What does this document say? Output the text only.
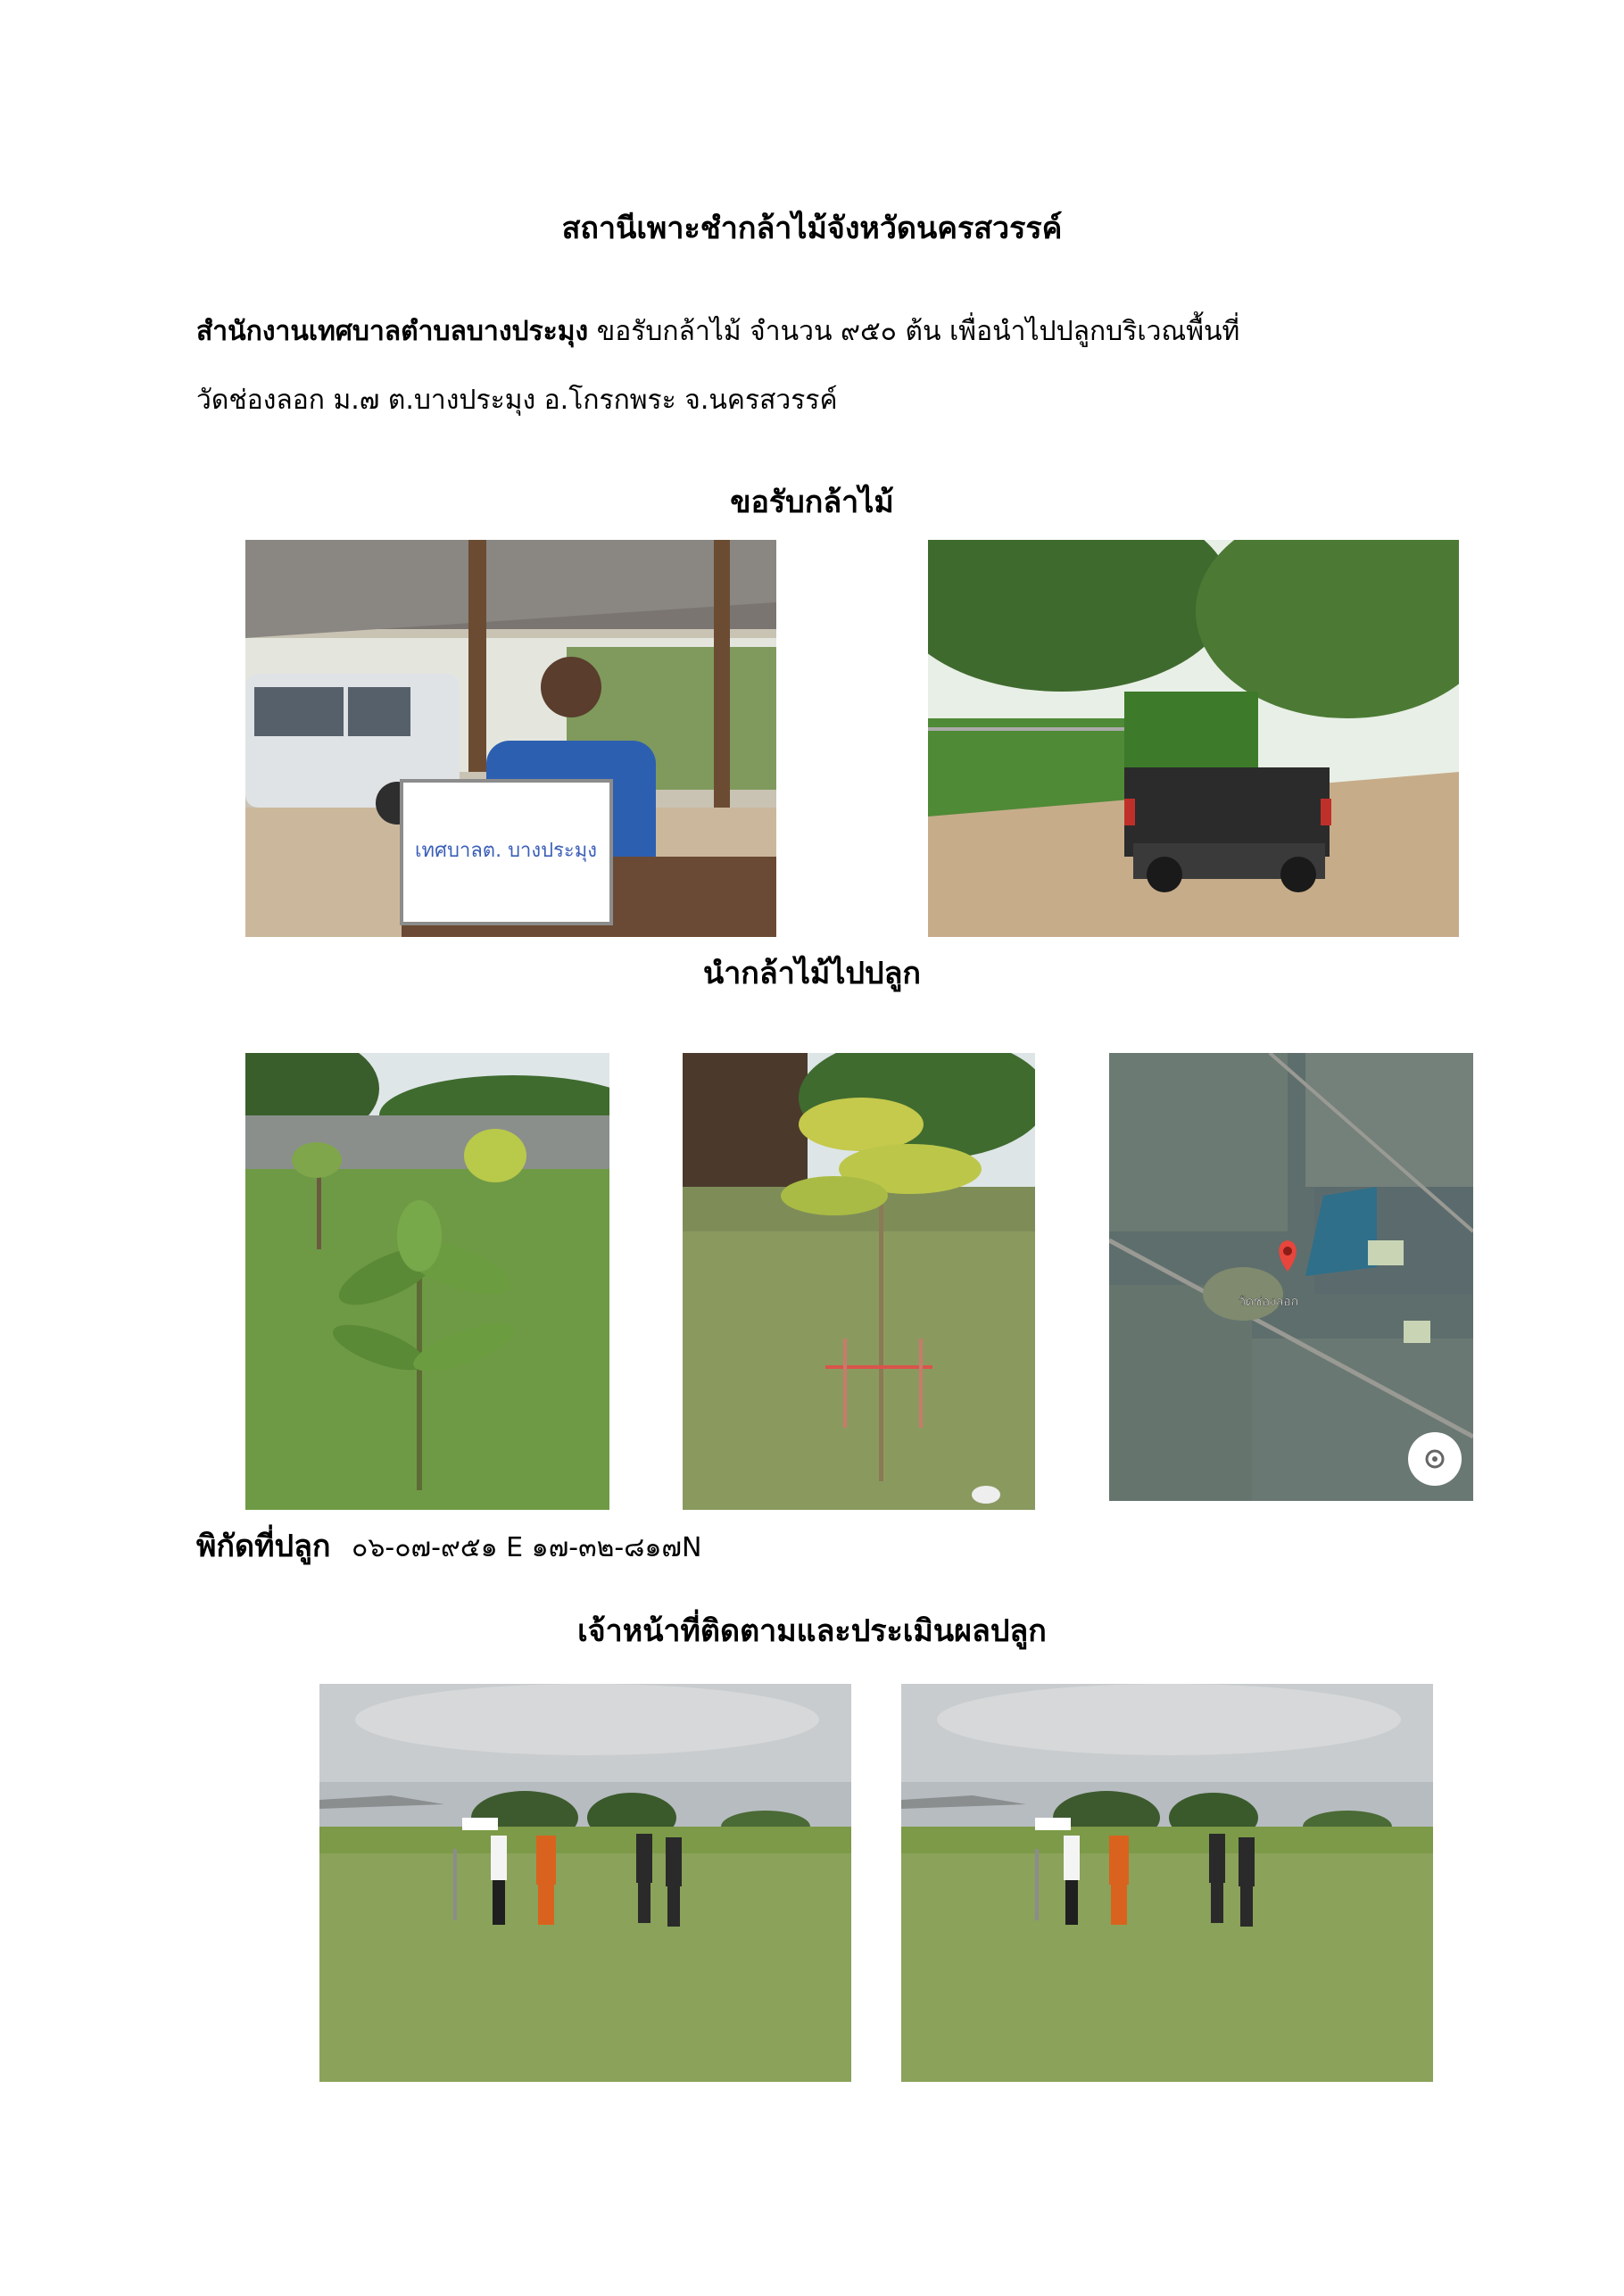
สถานีเพาะชำกล้าไม้จังหวัดนครสวรรค์
สำนักงานเทศบาลตำบลบางประมุง ขอรับกล้าไม้ จำนวน ๙๕๐ ต้น เพื่อนำไปปลูกบริเวณพื้นที่
วัดช่องลอก ม.๗ ต.บางประมุง อ.โกรกพระ จ.นครสวรรค์
ขอรับกล้าไม้
เทศบาลต. บางประมุง
นำกล้าไม้ไปปลูก
วัดช่องลอก
พิกัดที่ปลูก ๐๖-๐๗-๙๕๑ E ๑๗-๓๒-๘๑๗N
เจ้าหน้าที่ติดตามและประเมินผลปลูก
